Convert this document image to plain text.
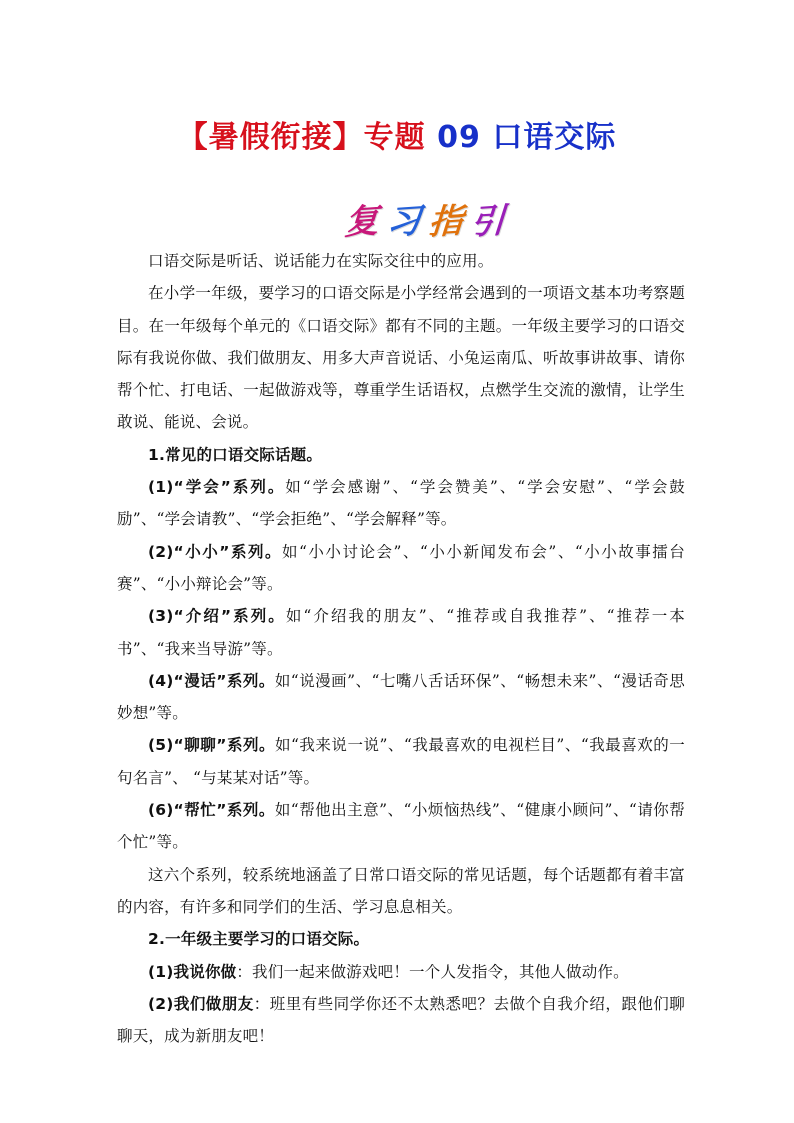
【暑假衔接】专题 09 口语交际
复 习 指 引

口语交际是听话、说话能力在实际交往中的应用。

在小学一年级，要学习的口语交际是小学经常会遇到的一项语文基本功考察题目。在一年级每个单元的《口语交际》都有不同的主题。一年级主要学习的口语交际有我说你做、我们做朋友、用多大声音说话、小兔运南瓜、听故事讲故事、请你帮个忙、打电话、一起做游戏等，尊重学生话语权，点燃学生交流的激情，让学生敢说、能说、会说。

1.常见的口语交际话题。

(1)“学会”系列。如“学会感谢”、“学会赞美”、“学会安慰”、“学会鼓励”、“学会请教”、“学会拒绝”、“学会解释”等。

(2)“小小”系列。如“小小讨论会”、“小小新闻发布会”、“小小故事擂台赛”、“小小辩论会”等。

(3)“介绍”系列。如“介绍我的朋友”、“推荐或自我推荐”、“推荐一本书”、“我来当导游”等。

(4)“漫话”系列。如“说漫画”、“七嘴八舌话环保”、“畅想未来”、“漫话奇思妙想”等。

(5)“聊聊”系列。如“我来说一说”、“我最喜欢的电视栏目”、“我最喜欢的一句名言”、 “与某某对话”等。

(6)“帮忙”系列。如“帮他出主意”、“小烦恼热线”、“健康小顾问”、“请你帮个忙”等。

这六个系列，较系统地涵盖了日常口语交际的常见话题，每个话题都有着丰富的内容，有许多和同学们的生活、学习息息相关。

2.一年级主要学习的口语交际。

(1)我说你做：我们一起来做游戏吧！一个人发指令，其他人做动作。

(2)我们做朋友：班里有些同学你还不太熟悉吧？去做个自我介绍，跟他们聊聊天，成为新朋友吧！
